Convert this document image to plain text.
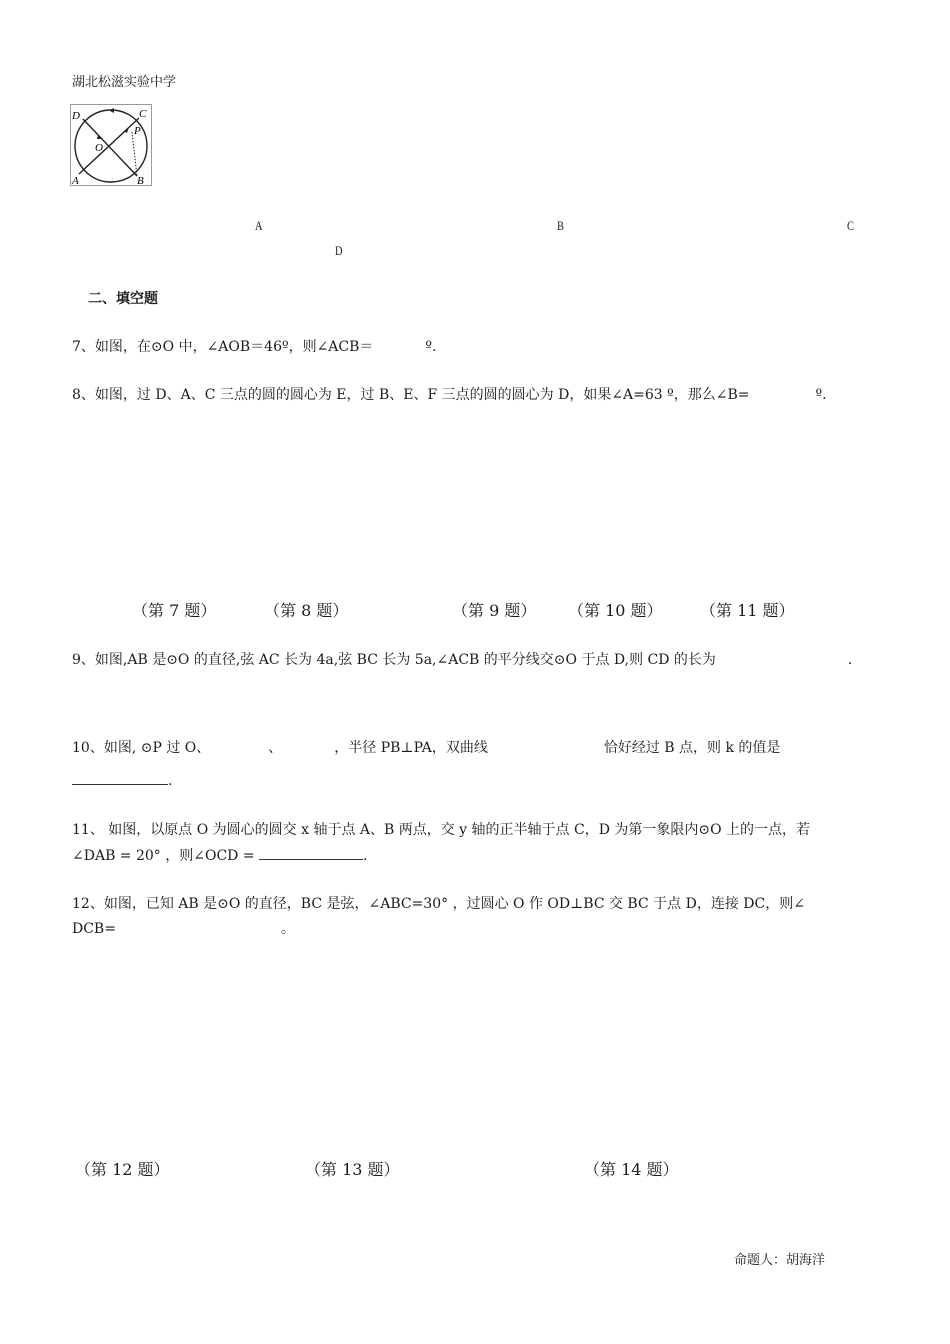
湖北松滋实验中学
D	C
P
O
A	B
A	B	C
D
二、填空题
7、如图，在⊙O 中，∠AOB＝46º，则∠ACB＝	º.
8、如图，过 D、A、C 三点的圆的圆心为 E，过 B、E、F 三点的圆的圆心为 D，如果∠A=63 º，那么∠B=	º.
（第 7 题）	（第 8 题）	（第 9 题） （第 10 题） （第 11 题）
9、如图,AB 是⊙O 的直径,弦 AC 长为 4a,弦 BC 长为 5a,∠ACB 的平分线交⊙O 于点 D,则 CD 的长为	.
10、如图, ⊙P 过 O、	、	，半径 PB⊥PA，双曲线	恰好经过 B 点，则 k 的值是
.
11、 如图，以原点 O 为圆心的圆交 x 轴于点 A、B 两点，交 y 轴的正半轴于点 C，D 为第一象限内⊙O 上的一点，若
∠DAB = 20° ，则∠OCD =	.
12、如图，已知 AB 是⊙O 的直径，BC 是弦，∠ABC=30° ，过圆心 O 作 OD⊥BC 交 BC 于点 D，连接 DC，则∠
DCB=	。
（第 12 题）	（第 13 题）	（第 14 题）
命题人：胡海洋
